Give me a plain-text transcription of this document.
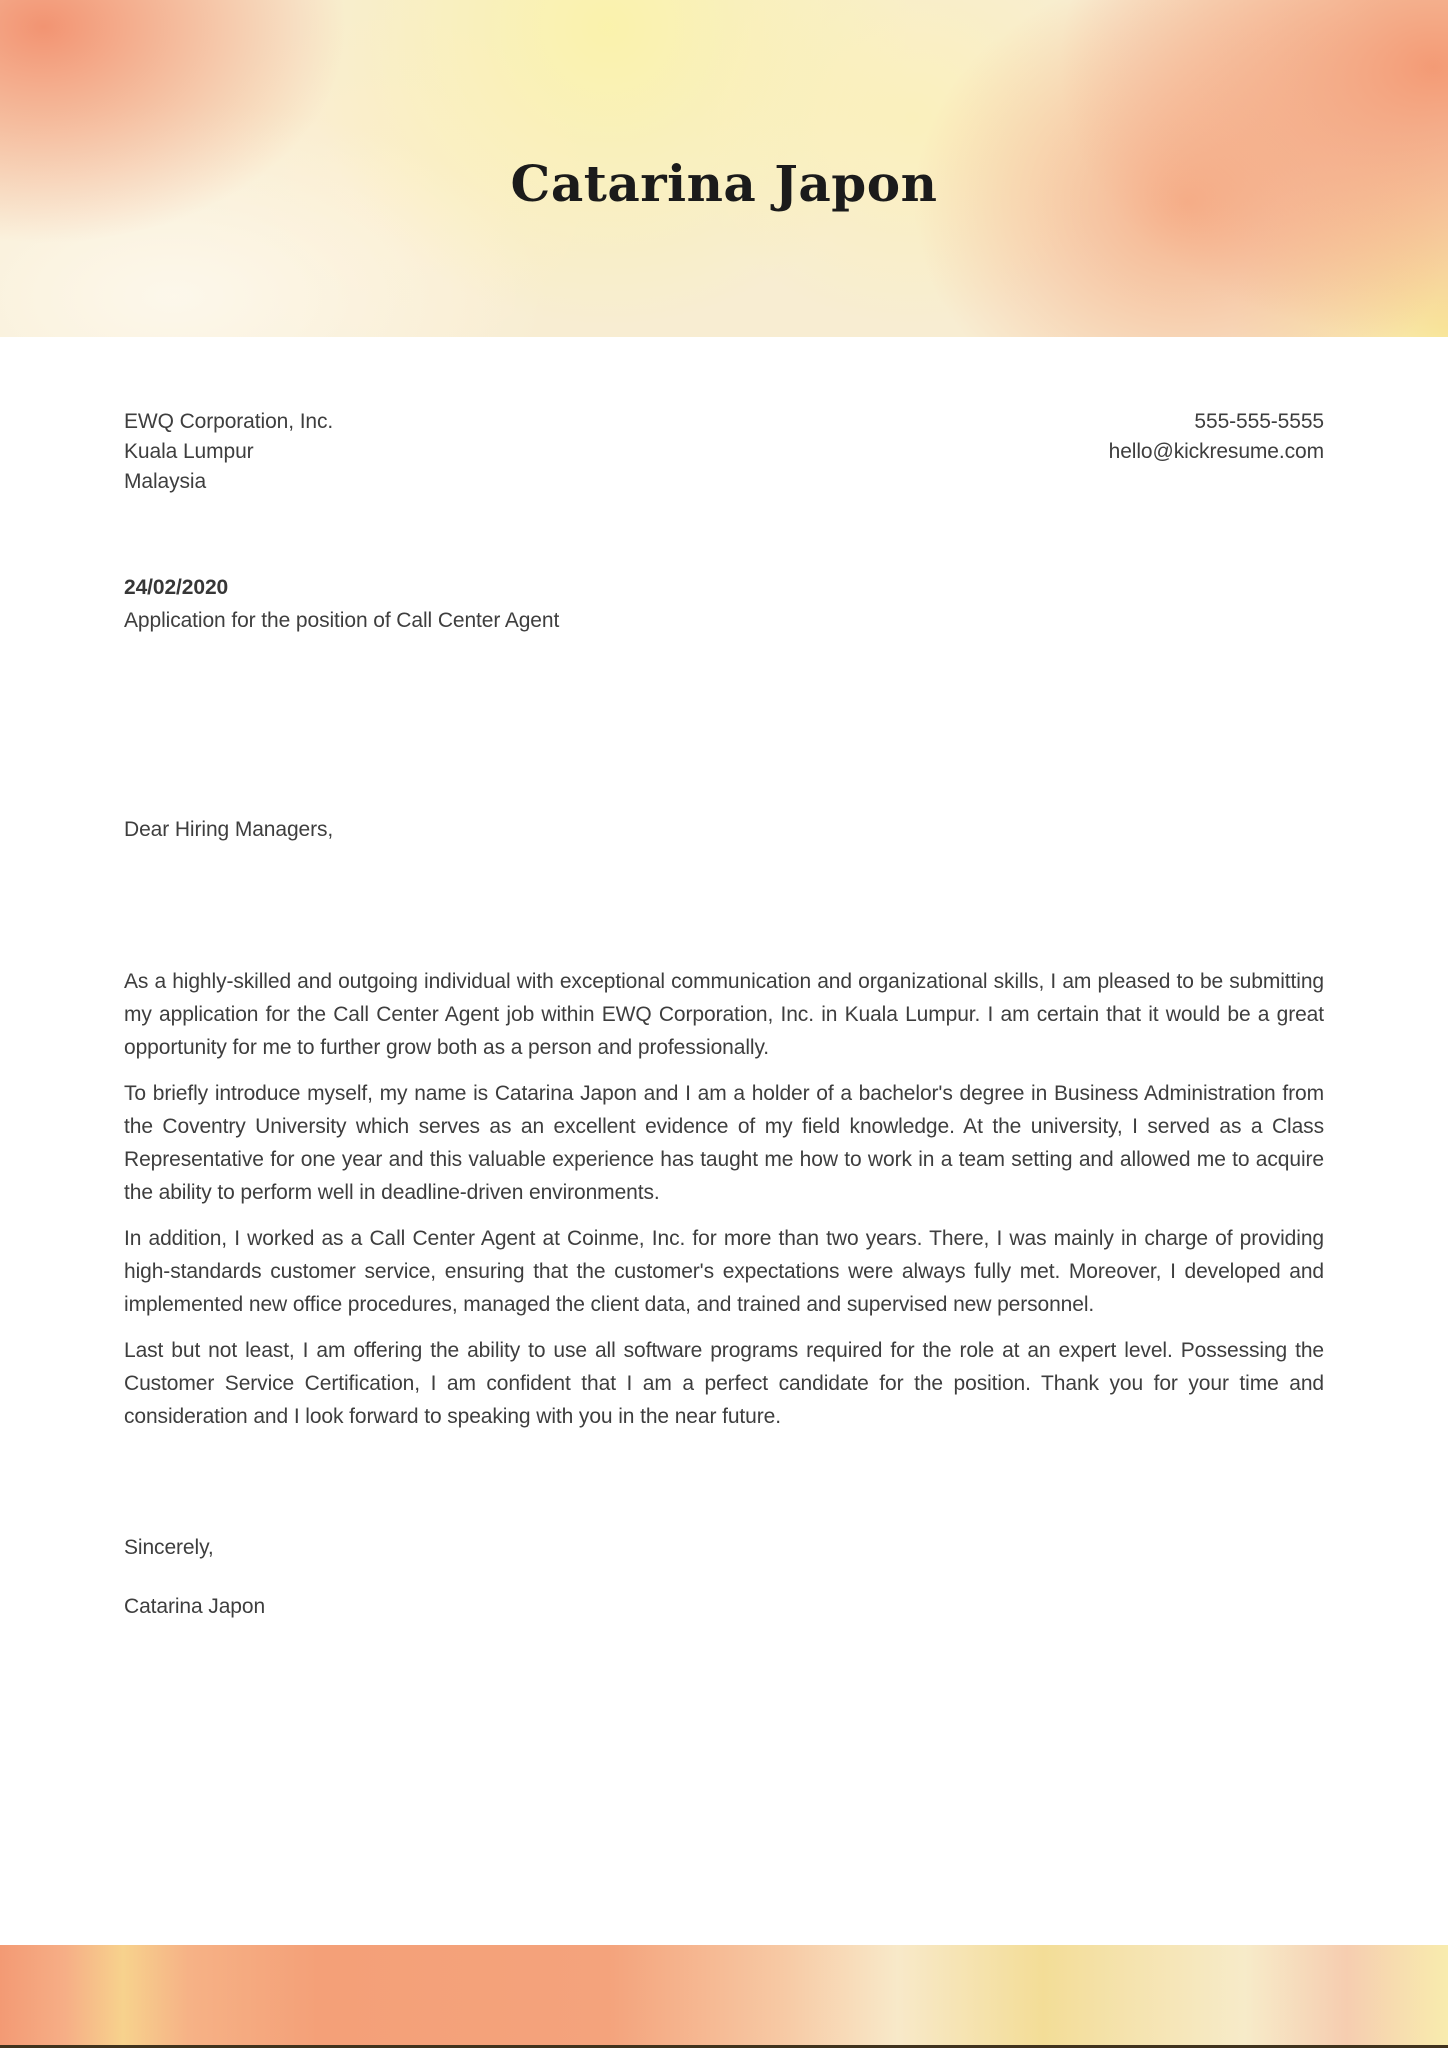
Catarina Japon
EWQ Corporation, Inc.
Kuala Lumpur
Malaysia
555-555-5555
hello@kickresume.com
24/02/2020
Application for the position of Call Center Agent
Dear Hiring Managers,

As a highly-skilled and outgoing individual with exceptional communication and organizational skills, I am pleased to be submitting my application for the Call Center Agent job within EWQ Corporation, Inc. in Kuala Lumpur. I am certain that it would be a great opportunity for me to further grow both as a person and professionally.

To briefly introduce myself, my name is Catarina Japon and I am a holder of a bachelor's degree in Business Administration from the Coventry University which serves as an excellent evidence of my field knowledge. At the university, I served as a Class Representative for one year and this valuable experience has taught me how to work in a team setting and allowed me to acquire the ability to perform well in deadline-driven environments.

In addition, I worked as a Call Center Agent at Coinme, Inc. for more than two years. There, I was mainly in charge of providing high-standards customer service, ensuring that the customer's expectations were always fully met. Moreover, I developed and implemented new office procedures, managed the client data, and trained and supervised new personnel.

Last but not least, I am offering the ability to use all software programs required for the role at an expert level. Possessing the Customer Service Certification, I am confident that I am a perfect candidate for the position. Thank you for your time and consideration and I look forward to speaking with you in the near future.

Sincerely,
Catarina Japon
